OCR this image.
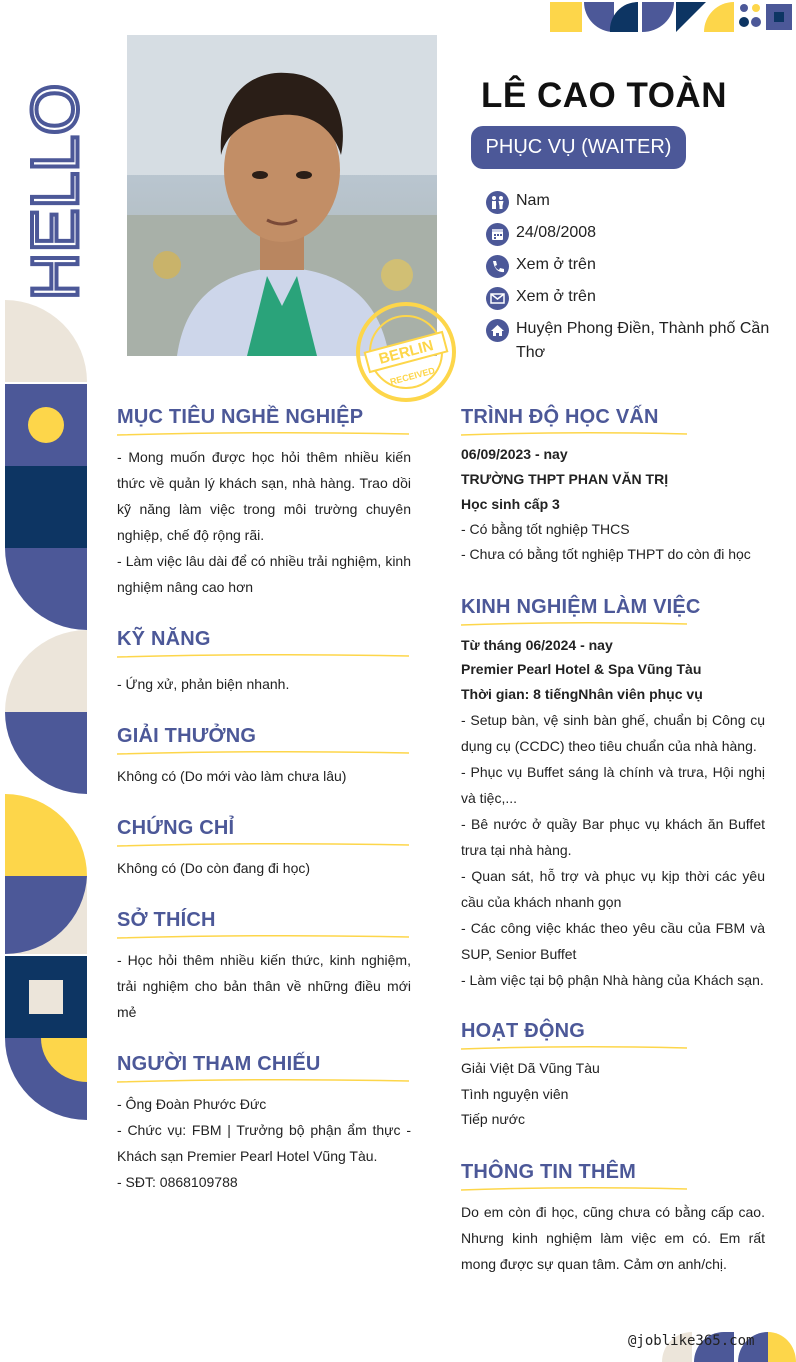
HELLO
BERLIN
RECEIVED
LÊ CAO TOÀN
PHỤC VỤ (WAITER)
Nam
24/08/2008
Xem ở trên
Xem ở trên
Huyện Phong Điền, Thành phố Cần Thơ
MỤC TIÊU NGHỀ NGHIỆP
- Mong muốn được học hỏi thêm nhiều kiến thức về quản lý khách sạn, nhà hàng. Trao dồi kỹ năng làm việc trong môi trường chuyên nghiệp, chế độ rộng rãi.
- Làm việc lâu dài để có nhiều trải nghiệm, kinh nghiệm nâng cao hơn
KỸ NĂNG
- Ứng xử, phản biện nhanh.
GIẢI THƯỞNG
Không có (Do mới vào làm chưa lâu)
CHỨNG CHỈ
Không có (Do còn đang đi học)
SỞ THÍCH
- Học hỏi thêm nhiều kiến thức, kinh nghiệm, trải nghiệm cho bản thân về những điều mới mẻ
NGƯỜI THAM CHIẾU
- Ông Đoàn Phước Đức
- Chức vụ: FBM | Trưởng bộ phận ẩm thực - Khách sạn Premier Pearl Hotel Vũng Tàu.
- SĐT: 0868109788
TRÌNH ĐỘ HỌC VẤN
06/09/2023 - nay
TRƯỜNG THPT PHAN VĂN TRỊ
Học sinh cấp 3
- Có bằng tốt nghiệp THCS
- Chưa có bằng tốt nghiệp THPT do còn đi học
KINH NGHIỆM LÀM VIỆC
Từ tháng 06/2024 - nay
Premier Pearl Hotel & Spa Vũng Tàu
Thời gian: 8 tiếngNhân viên phục vụ
- Setup bàn, vệ sinh bàn ghế, chuẩn bị Công cụ dụng cụ (CCDC) theo tiêu chuẩn của nhà hàng.
- Phục vụ Buffet sáng là chính và trưa, Hội nghị và tiệc,...
- Bê nước ở quầy Bar phục vụ khách ăn Buffet trưa tại nhà hàng.
- Quan sát, hỗ trợ và phục vụ kịp thời các yêu cầu của khách nhanh gọn
- Các công việc khác theo yêu cầu của FBM và SUP, Senior Buffet
- Làm việc tại bộ phận Nhà hàng của Khách sạn.
HOẠT ĐỘNG
Giải Việt Dã Vũng Tàu
Tình nguyện viên
Tiếp nước
THÔNG TIN THÊM
Do em còn đi học, cũng chưa có bằng cấp cao. Nhưng kinh nghiệm làm việc em có. Em rất mong được sự quan tâm. Cảm ơn anh/chị.
@joblike365.com
